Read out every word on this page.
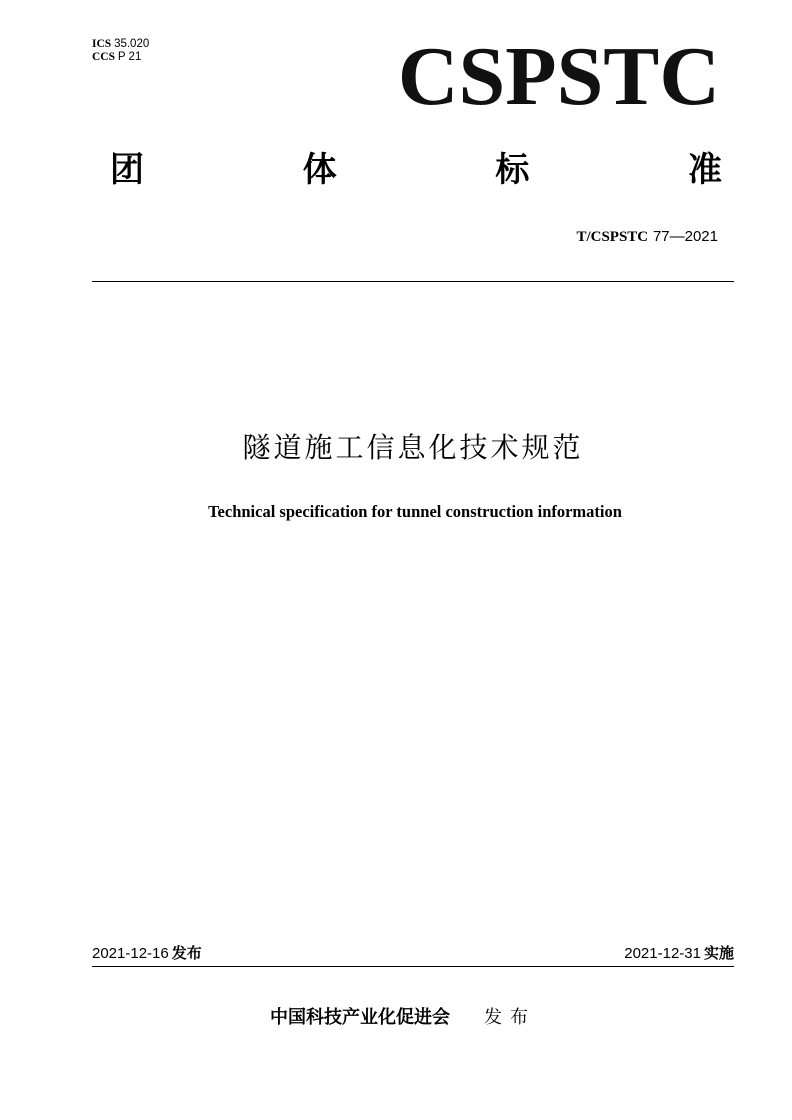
ICS 35.020
CCS P 21	CSPSTC
团	体	标	准
T/CSPSTC 77—2021
隧道施工信息化技术规范
Technical specification for tunnel construction information
2021-12-16 发布	2021-12-31 实施
中国科技产业化促进会 发布
